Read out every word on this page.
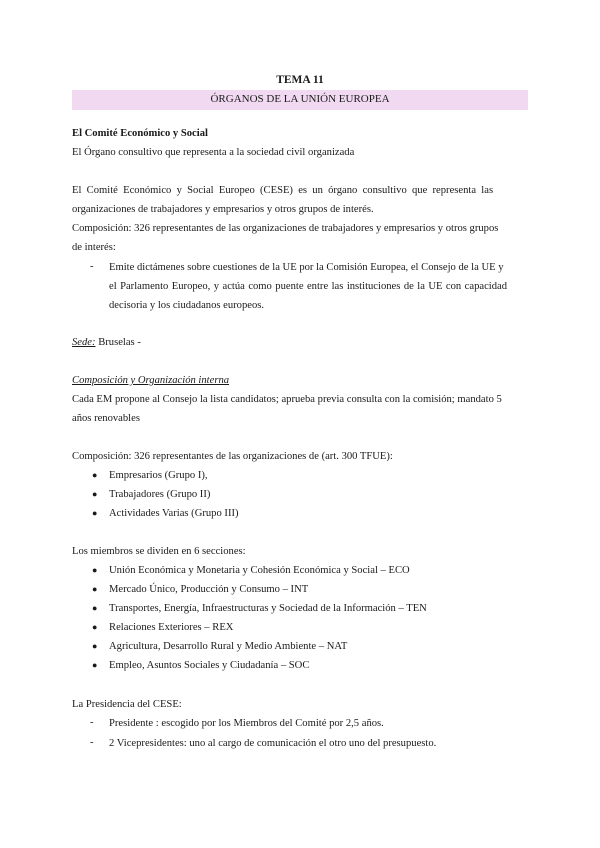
TEMA 11
ÓRGANOS DE LA UNIÓN EUROPEA
El Comité Económico y Social
El Órgano consultivo que representa a la sociedad civil organizada
El Comité Económico y Social Europeo (CESE) es un órgano consultivo que representa las
organizaciones de trabajadores y empresarios y otros grupos de interés.
Composición: 326 representantes de las organizaciones de trabajadores y empresarios y otros grupos
de interés:
- Emite dictámenes sobre cuestiones de la UE por la Comisión Europea, el Consejo de la UE y
el Parlamento Europeo, y actúa como puente entre las instituciones de la UE con capacidad
decisoria y los ciudadanos europeos.
Sede: Bruselas -
Composición y Organización interna
Cada EM propone al Consejo la lista candidatos; aprueba previa consulta con la comisión; mandato 5
años renovables
Composición: 326 representantes de las organizaciones de (art. 300 TFUE):
● Empresarios (Grupo I),
● Trabajadores (Grupo II)
● Actividades Varias (Grupo III)
Los miembros se dividen en 6 secciones:
● Unión Económica y Monetaria y Cohesión Económica y Social – ECO
● Mercado Único, Producción y Consumo – INT
● Transportes, Energía, Infraestructuras y Sociedad de la Información – TEN
● Relaciones Exteriores – REX
● Agricultura, Desarrollo Rural y Medio Ambiente – NAT
● Empleo, Asuntos Sociales y Ciudadanía – SOC
La Presidencia del CESE:
- Presidente : escogido por los Miembros del Comité por 2,5 años.
- 2 Vicepresidentes: uno al cargo de comunicación el otro uno del presupuesto.
